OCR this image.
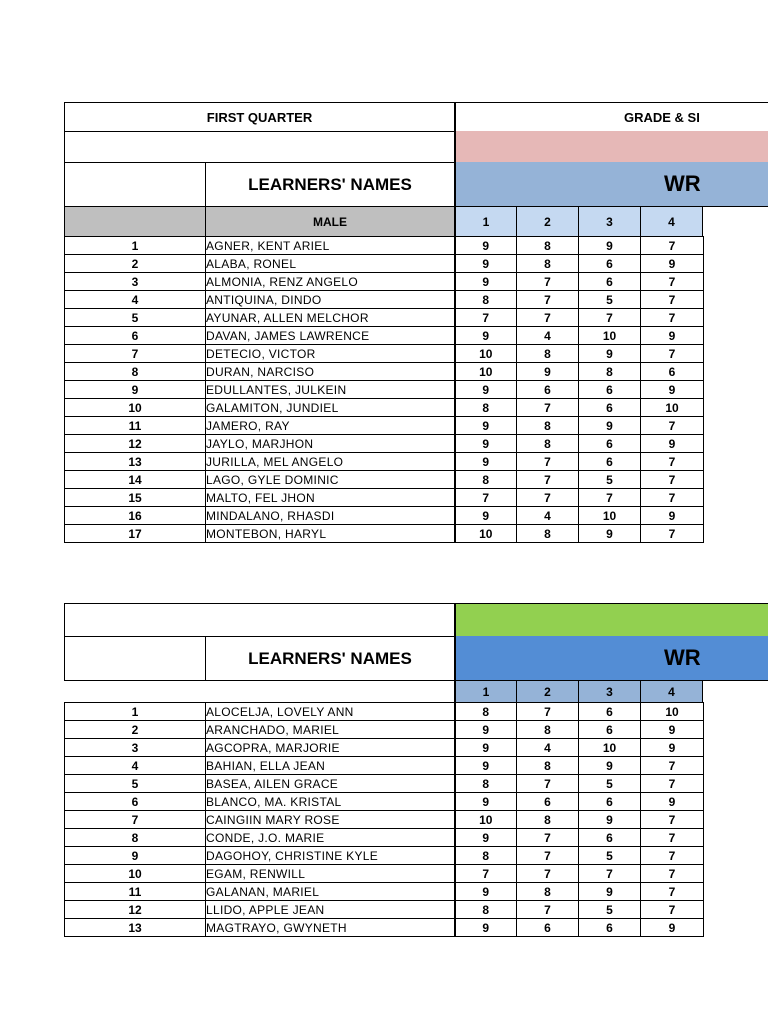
FIRST QUARTER	GRADE & SI
LEARNERS' NAMES	WR
MALE	1	2	3	4
1	AGNER, KENT ARIEL	9	8	9	7
2	ALABA, RONEL	9	8	6	9
3	ALMONIA, RENZ ANGELO	9	7	6	7
4	ANTIQUINA, DINDO	8	7	5	7
5	AYUNAR, ALLEN MELCHOR	7	7	7	7
6	DAVAN, JAMES LAWRENCE	9	4	10	9
7	DETECIO, VICTOR	10	8	9	7
8	DURAN, NARCISO	10	9	8	6
9	EDULLANTES, JULKEIN	9	6	6	9
10	GALAMITON, JUNDIEL	8	7	6	10
11	JAMERO, RAY	9	8	9	7
12	JAYLO, MARJHON	9	8	6	9
13	JURILLA, MEL ANGELO	9	7	6	7
14	LAGO, GYLE DOMINIC	8	7	5	7
15	MALTO, FEL JHON	7	7	7	7
16	MINDALANO, RHASDI	9	4	10	9
17	MONTEBON, HARYL	10	8	9	7
LEARNERS' NAMES	WR
1	2	3	4
1	ALOCELJA, LOVELY ANN	8	7	6	10
2	ARANCHADO, MARIEL	9	8	6	9
3	AGCOPRA, MARJORIE	9	4	10	9
4	BAHIAN, ELLA JEAN	9	8	9	7
5	BASEA, AILEN GRACE	8	7	5	7
6	BLANCO, MA. KRISTAL	9	6	6	9
7	CAINGIIN MARY ROSE	10	8	9	7
8	CONDE, J.O. MARIE	9	7	6	7
9	DAGOHOY, CHRISTINE KYLE	8	7	5	7
10	EGAM, RENWILL	7	7	7	7
11	GALANAN, MARIEL	9	8	9	7
12	LLIDO, APPLE JEAN	8	7	5	7
13	MAGTRAYO, GWYNETH	9	6	6	9
